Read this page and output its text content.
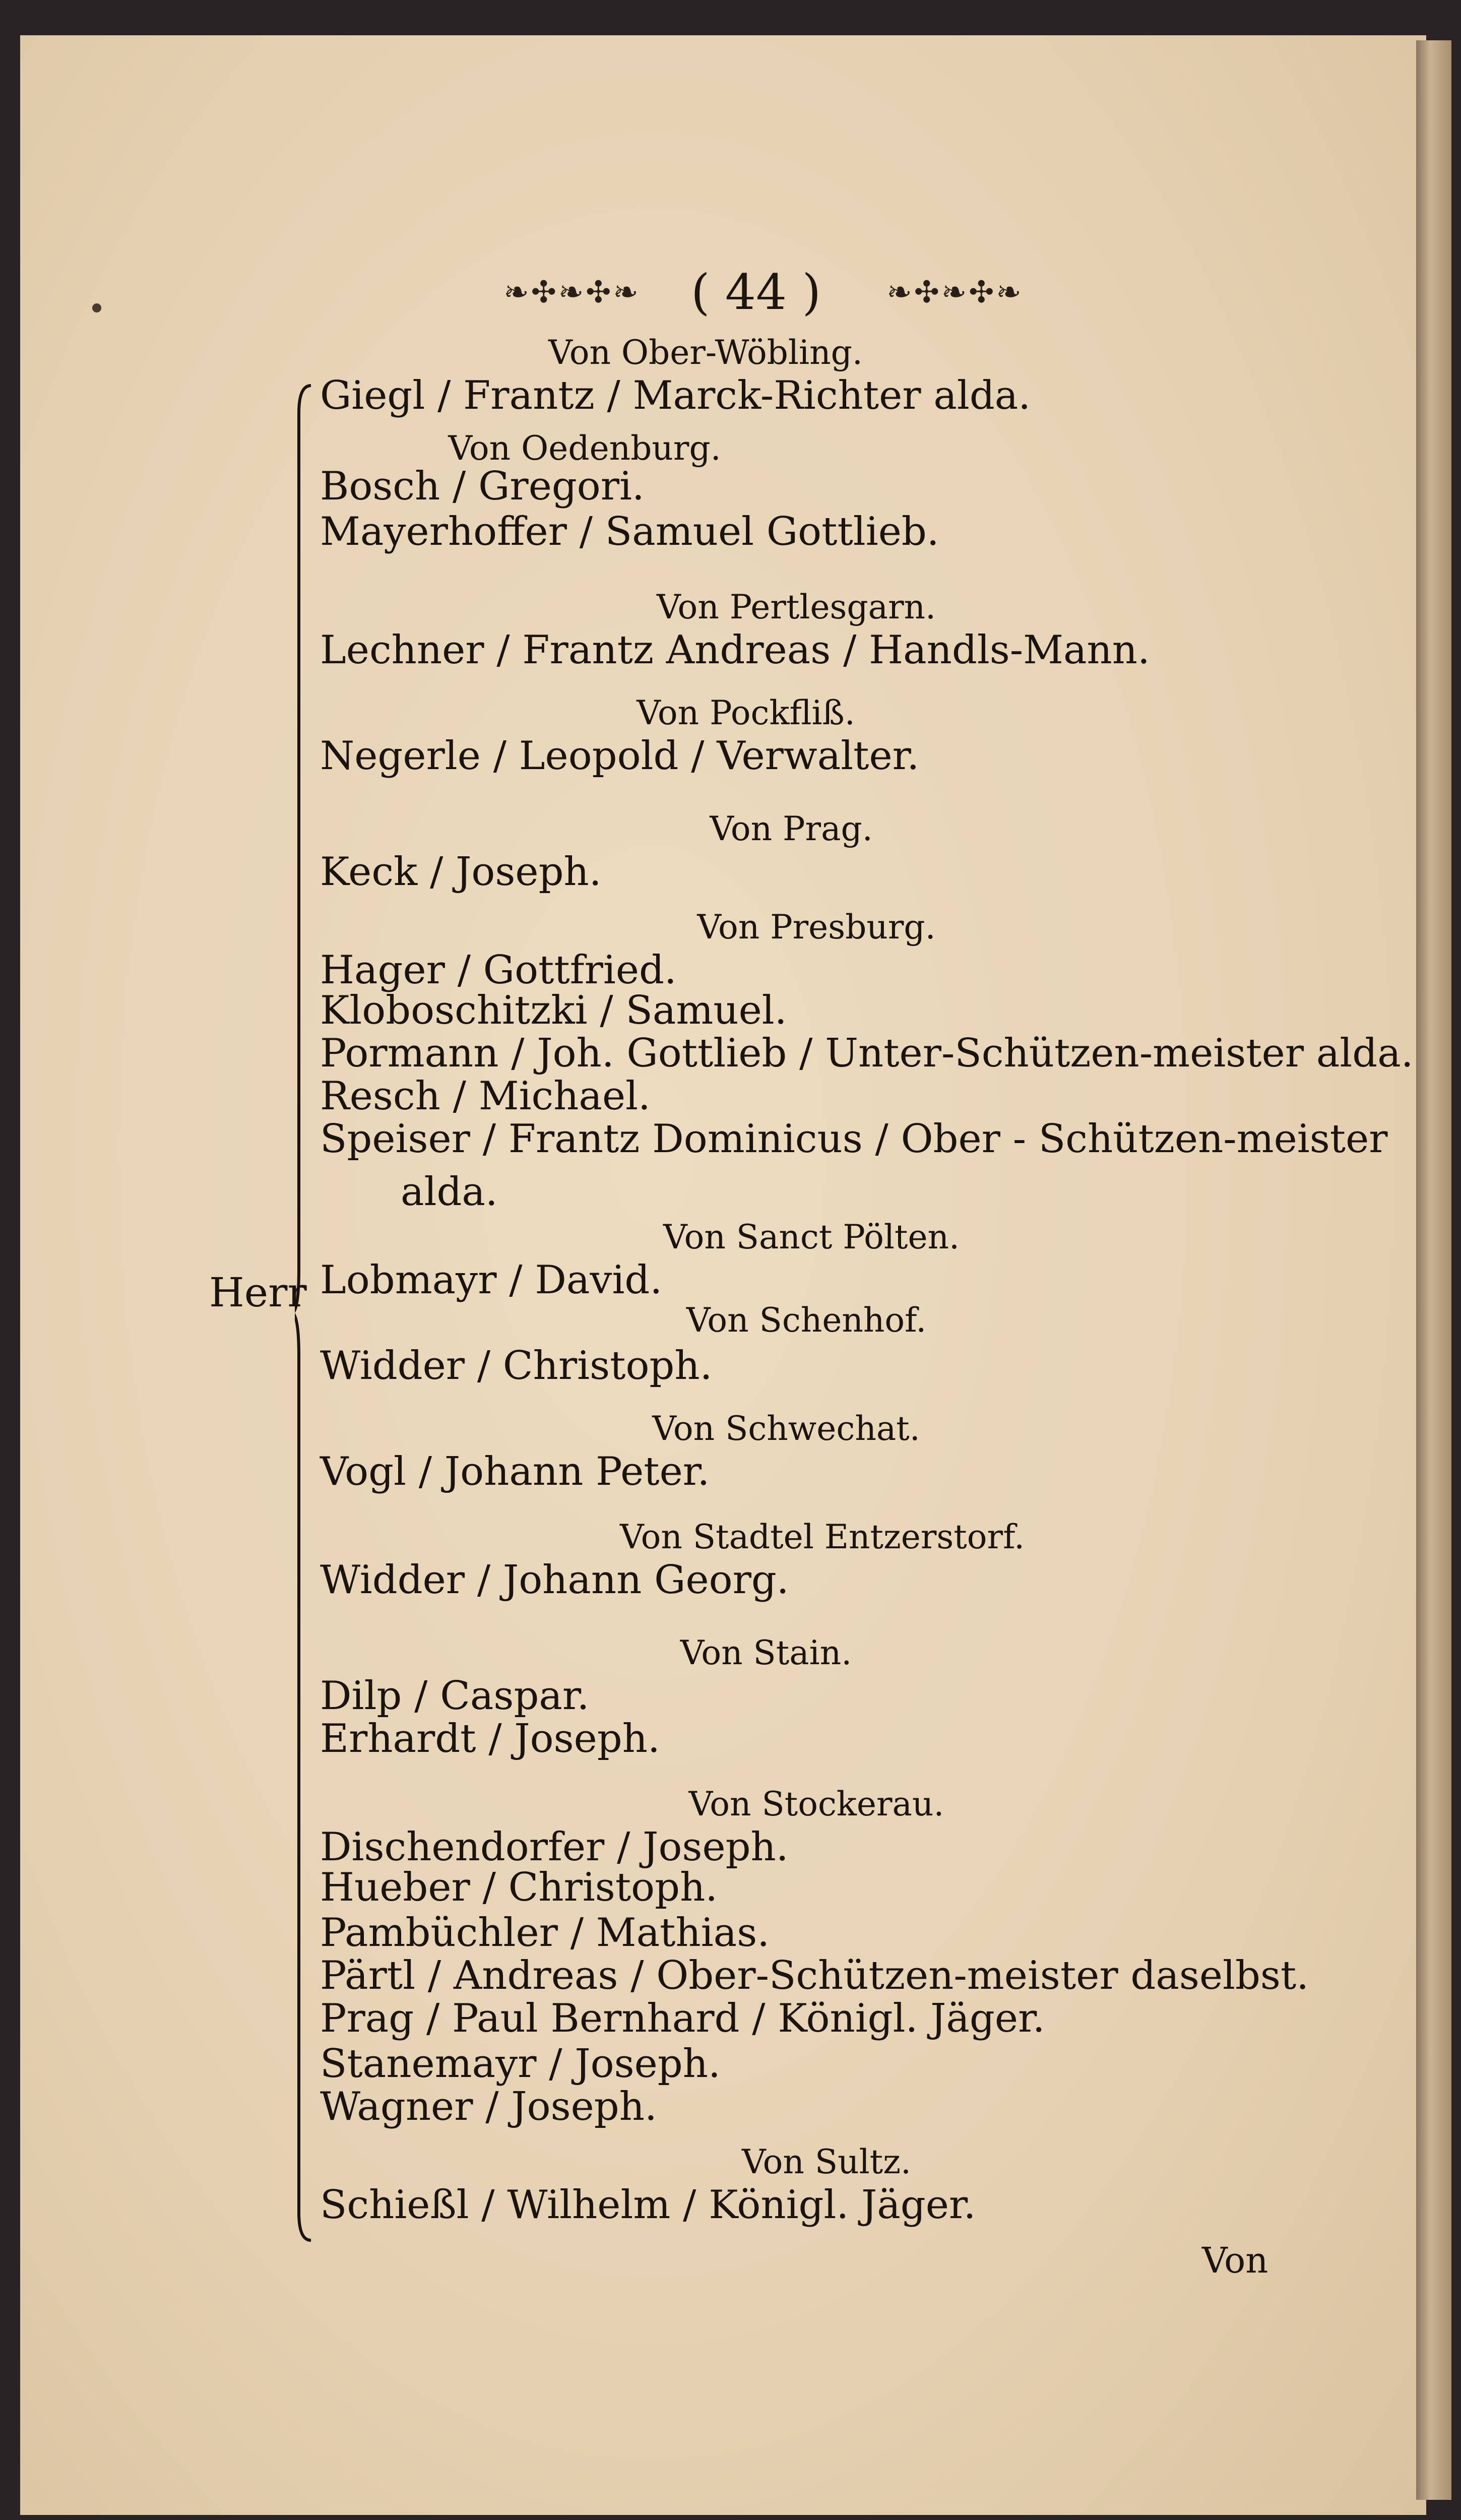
❧✣❧✣❧	( 44 )	❧✣❧✣❧
Herr
Von Ober-Wöbling.
Giegl / Frantz / Marck-Richter alda.
Von Oedenburg.
Bosch / Gregori.
Mayerhoffer / Samuel Gottlieb.
Von Pertlesgarn.
Lechner / Frantz Andreas / Handls-Mann.
Von Pockfliß.
Negerle / Leopold / Verwalter.
Von Prag.
Keck / Joseph.
Von Presburg.
Hager / Gottfried.
Kloboschitzki / Samuel.
Pormann / Joh. Gottlieb / Unter-Schützen-meister alda.
Resch / Michael.
Speiser / Frantz Dominicus / Ober - Schützen-meister
alda.
Von Sanct Pölten.
Lobmayr / David.
Von Schenhof.
Widder / Christoph.
Von Schwechat.
Vogl / Johann Peter.
Von Stadtel Entzerstorf.
Widder / Johann Georg.
Von Stain.
Dilp / Caspar.
Erhardt / Joseph.
Von Stockerau.
Dischendorfer / Joseph.
Hueber / Christoph.
Pambüchler / Mathias.
Pärtl / Andreas / Ober-Schützen-meister daselbst.
Prag / Paul Bernhard / Königl. Jäger.
Stanemayr / Joseph.
Wagner / Joseph.
Von Sultz.
Schießl / Wilhelm / Königl. Jäger.
Von
